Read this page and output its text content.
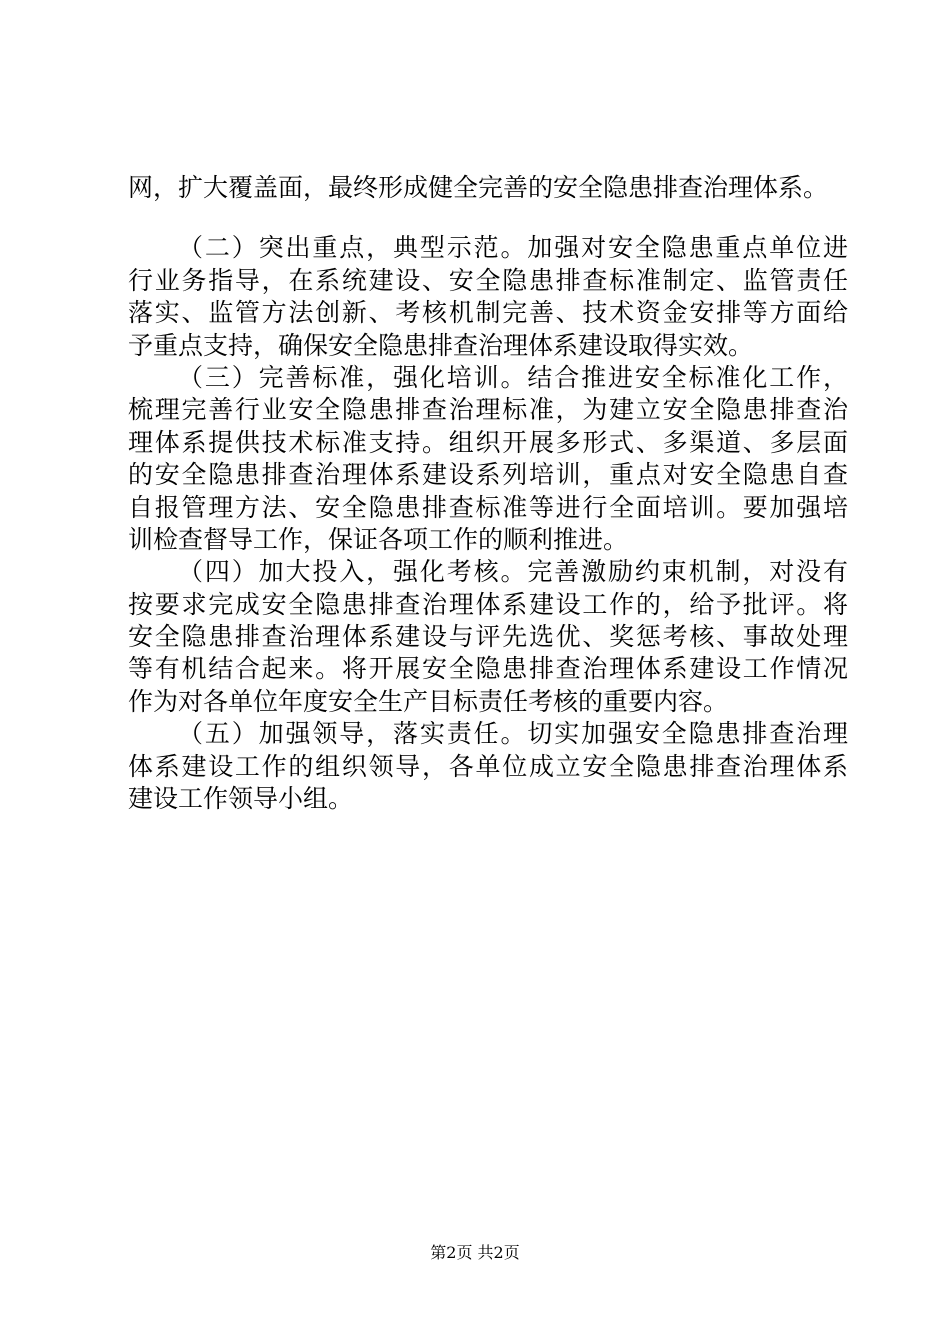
网，扩大覆盖面，最终形成健全完善的安全隐患排查治理体系。
（二）突出重点，典型示范。加强对安全隐患重点单位进
行业务指导，在系统建设、安全隐患排查标准制定、监管责任
落实、监管方法创新、考核机制完善、技术资金安排等方面给
予重点支持，确保安全隐患排查治理体系建设取得实效。
（三）完善标准，强化培训。结合推进安全标准化工作，
梳理完善行业安全隐患排查治理标准，为建立安全隐患排查治
理体系提供技术标准支持。组织开展多形式、多渠道、多层面
的安全隐患排查治理体系建设系列培训，重点对安全隐患自查
自报管理方法、安全隐患排查标准等进行全面培训。要加强培
训检查督导工作，保证各项工作的顺利推进。
（四）加大投入，强化考核。完善激励约束机制，对没有
按要求完成安全隐患排查治理体系建设工作的，给予批评。将
安全隐患排查治理体系建设与评先选优、奖惩考核、事故处理
等有机结合起来。将开展安全隐患排查治理体系建设工作情况
作为对各单位年度安全生产目标责任考核的重要内容。
（五）加强领导，落实责任。切实加强安全隐患排查治理
体系建设工作的组织领导，各单位成立安全隐患排查治理体系
建设工作领导小组。
第2页 共2页
